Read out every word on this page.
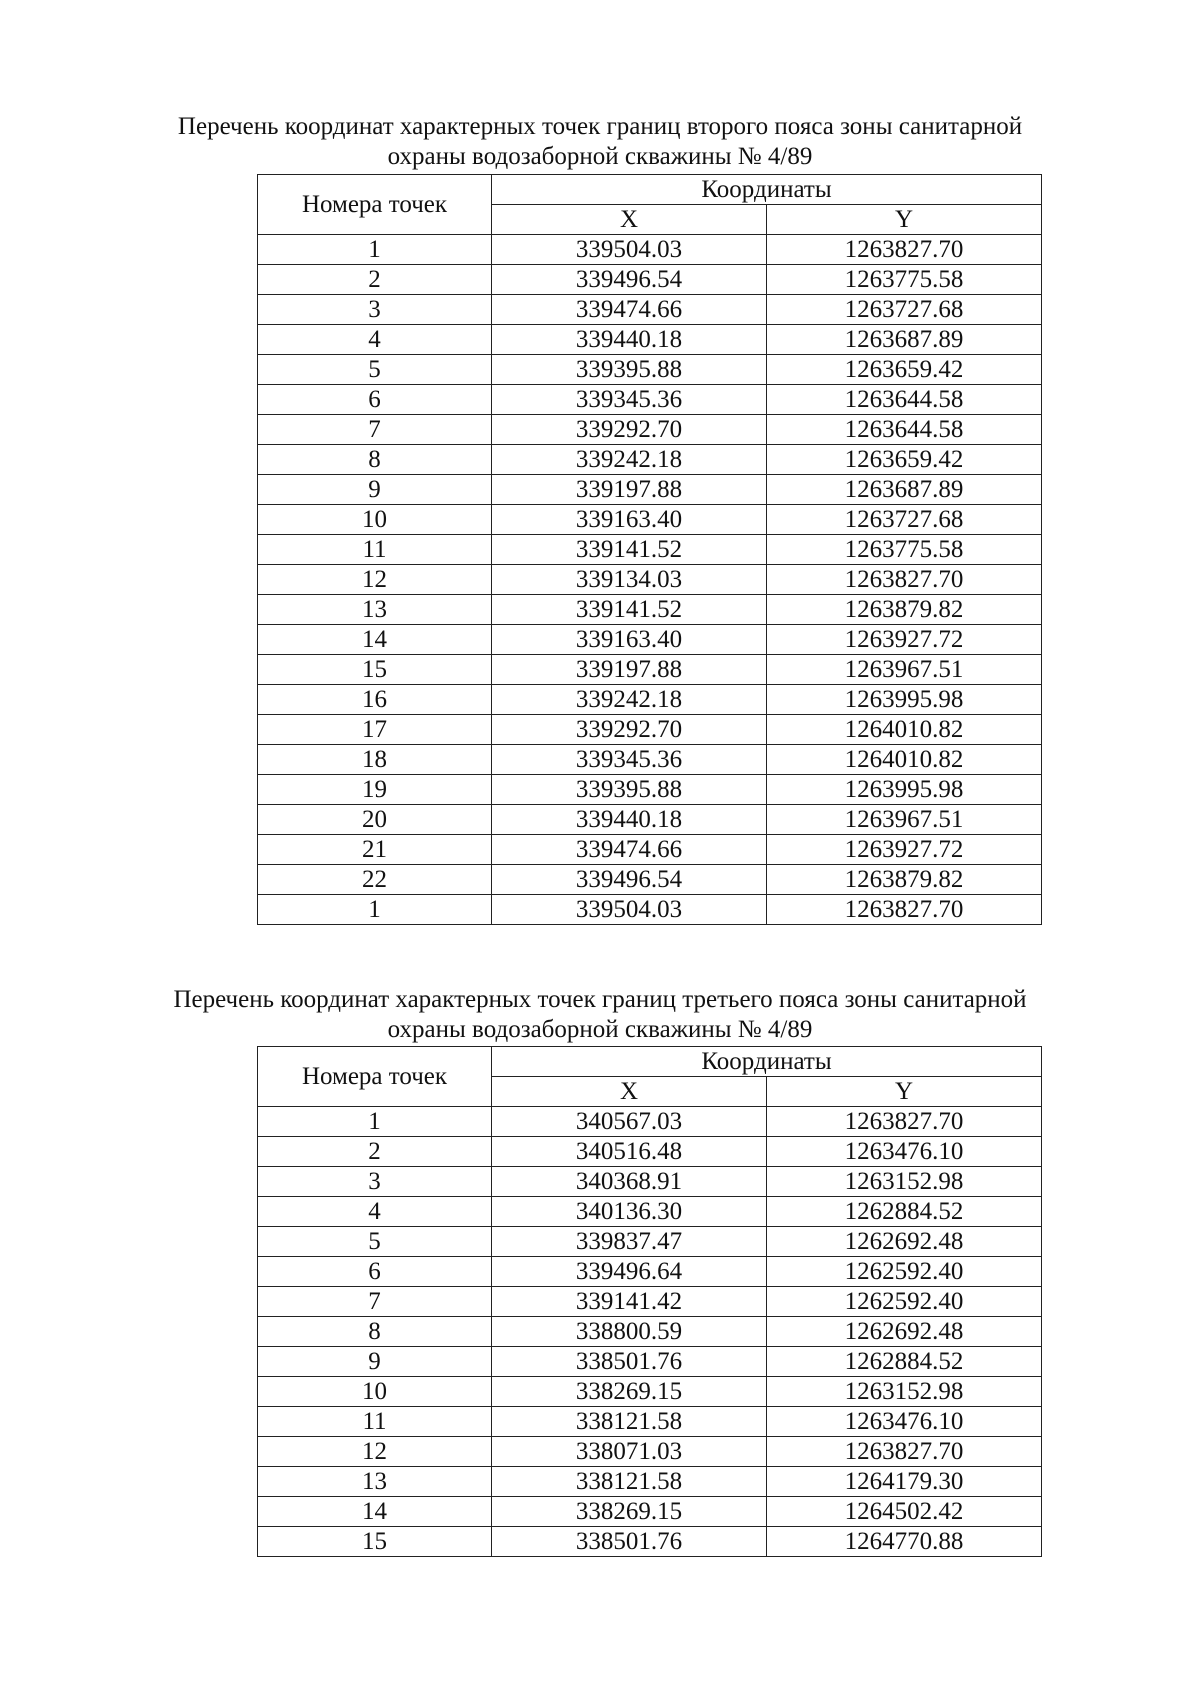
Перечень координат характерных точек границ второго пояса зоны санитарной
охраны водозаборной скважины № 4/89
Номера точек	Координаты	
	X	Y
1	339504.03	1263827.70
2	339496.54	1263775.58
3	339474.66	1263727.68
4	339440.18	1263687.89
5	339395.88	1263659.42
6	339345.36	1263644.58
7	339292.70	1263644.58
8	339242.18	1263659.42
9	339197.88	1263687.89
10	339163.40	1263727.68
11	339141.52	1263775.58
12	339134.03	1263827.70
13	339141.52	1263879.82
14	339163.40	1263927.72
15	339197.88	1263967.51
16	339242.18	1263995.98
17	339292.70	1264010.82
18	339345.36	1264010.82
19	339395.88	1263995.98
20	339440.18	1263967.51
21	339474.66	1263927.72
22	339496.54	1263879.82
1	339504.03	1263827.70
Перечень координат характерных точек границ третьего пояса зоны санитарной
охраны водозаборной скважины № 4/89
Номера точек	Координаты	
	X	Y
1	340567.03	1263827.70
2	340516.48	1263476.10
3	340368.91	1263152.98
4	340136.30	1262884.52
5	339837.47	1262692.48
6	339496.64	1262592.40
7	339141.42	1262592.40
8	338800.59	1262692.48
9	338501.76	1262884.52
10	338269.15	1263152.98
11	338121.58	1263476.10
12	338071.03	1263827.70
13	338121.58	1264179.30
14	338269.15	1264502.42
15	338501.76	1264770.88
